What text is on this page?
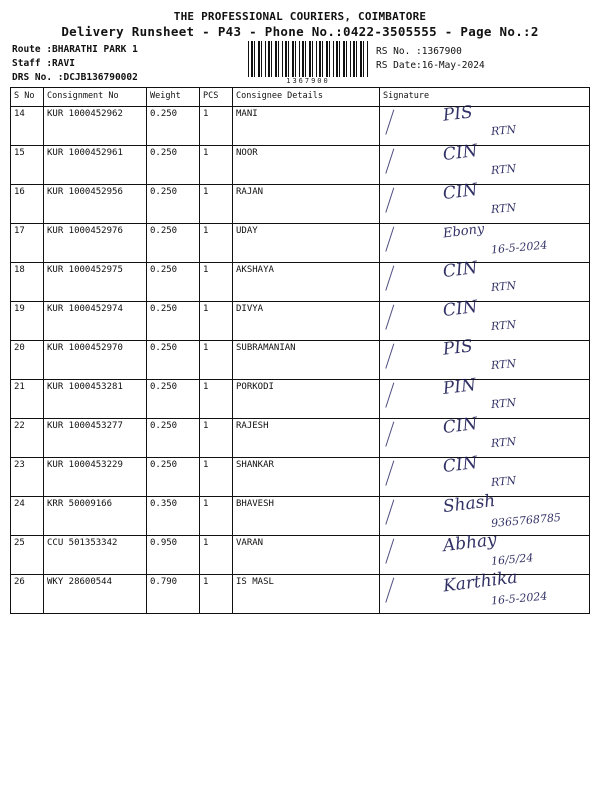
THE PROFESSIONAL COURIERS, COIMBATORE
Delivery Runsheet - P43 - Phone No.:0422-3505555 - Page No.:2
Route :BHARATHI PARK 1
Staff :RAVI
DRS No. :DCJB136790002	1367900
RS No. :1367900
RS Date:16-May-2024
S No	Consignment No	Weight	PCS	Consignee Details	Signature
14	KUR 1000452962	0.250	1	MANI	PIS
RTN

15	KUR 1000452961	0.250	1	NOOR	CIN
RTN

16	KUR 1000452956	0.250	1	RAJAN	CIN
RTN

17	KUR 1000452976	0.250	1	UDAY	Ebony
16-5-2024

18	KUR 1000452975	0.250	1	AKSHAYA	CIN
RTN

19	KUR 1000452974	0.250	1	DIVYA	CIN
RTN

20	KUR 1000452970	0.250	1	SUBRAMANIAN	PIS
RTN

21	KUR 1000453281	0.250	1	PORKODI	PIN
RTN

22	KUR 1000453277	0.250	1	RAJESH	CIN
RTN

23	KUR 1000453229	0.250	1	SHANKAR	CIN
RTN

24	KRR 50009166	0.350	1	BHAVESH	Shash
9365768785

25	CCU 501353342	0.950	1	VARAN	Abhay
16/5/24

26	WKY 28600544	0.790	1	IS MASL	Karthika
16-5-2024
